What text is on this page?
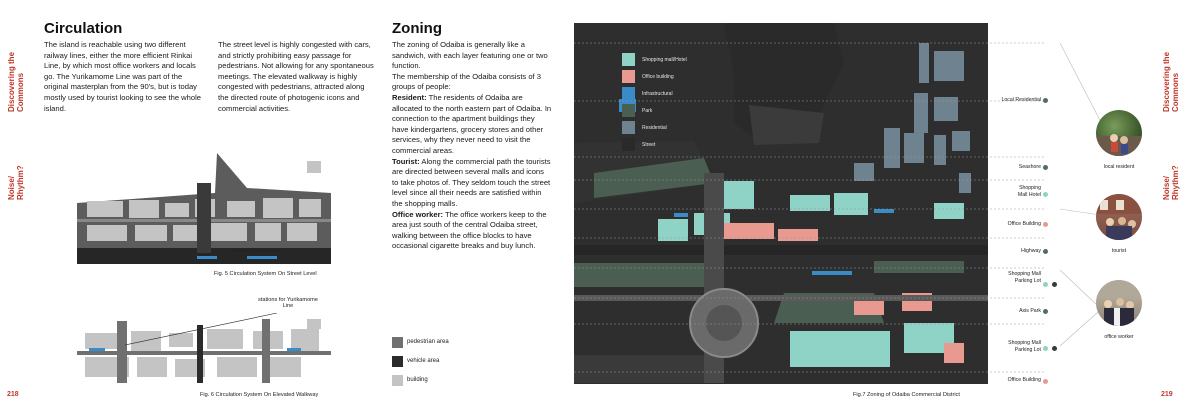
Discovering the Commons
Noise/ Rhythm?
218
Circulation
The island is reachable using two different railway lines, either the more efficient Rinkai Line, by which most office workers and locals go. The Yurikamome Line was part of the original masterplan from the 90's, but is today mostly used by tourist looking to see the whole island.
The street level is highly congested with cars, and strictly prohibiting easy passage for pedestrians. Not allowing for any spontaneous meetings. The elevated walkway is highly congested with pedestrians, attracted along the directed route of photogenic icons and commercial activities.
stations for Rinkai Line
Fig. 5 Circulation System On Street Level
stations for Yurikamome Line
Fig. 6 Circulation System On Elevated Walkway
pedestrian area
vehicle area
building
Zoning
The zoning of Odaiba is generally like a sandwich, with each layer featuring one or two function.
The membership of the Odaiba consists of 3 groups of people:
Resident: The residents of Odaiba are allocated to the north eastern part of Odaiba. In connection to the apartment buildings they have kindergartens, grocery stores and other services, why they never need to visit the commercial areas.
Tourist: Along the commercial path the tourists are directed between several malls and icons to take photos of. They seldom touch the street level since all their needs are satisfied within the shopping malls.
Office worker: The office workers keep to the area just south of the central Odaiba street, walking between the office blocks to have occasional cigarette breaks and buy lunch.
Shopping mall/Hotel
Office building
Infrastructural
Park
Residential
Street
Fig.7 Zoning of Odaiba Commercial District
Local Residential
Seashore
Shopping Mall Hotel
Office Building
Highway
Shopping Mall Parking Lot
Axis Park
Shopping Mall Parking Lot
Office Building
local resident
tourist
office worker
Discovering the Commons
Noise/ Rhythm?
219
